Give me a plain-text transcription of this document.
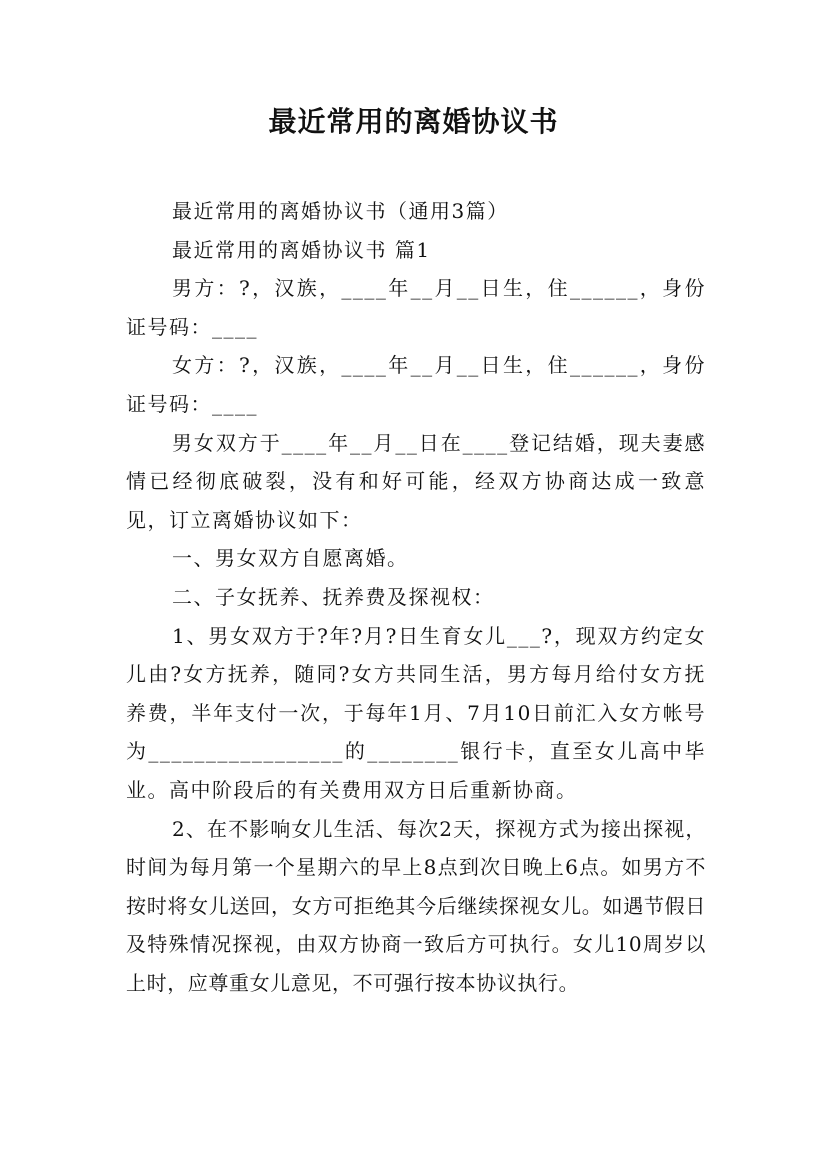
最近常用的离婚协议书

最近常用的离婚协议书（通用3篇）

最近常用的离婚协议书 篇1

男方：?，汉族，____年__月__日生，住______，身份证号码：____

女方：?，汉族，____年__月__日生，住______，身份证号码：____

男女双方于____年__月__日在____登记结婚，现夫妻感情已经彻底破裂，没有和好可能，经双方协商达成一致意见，订立离婚协议如下：

一、男女双方自愿离婚。

二、子女抚养、抚养费及探视权：

1、男女双方于?年?月?日生育女儿___?，现双方约定女儿由?女方抚养，随同?女方共同生活，男方每月给付女方抚养费，半年支付一次，于每年1月、7月10日前汇入女方帐号为_________________的________银行卡，直至女儿高中毕业。高中阶段后的有关费用双方日后重新协商。

2、在不影响女儿生活、每次2天，探视方式为接出探视，时间为每月第一个星期六的早上8点到次日晚上6点。如男方不按时将女儿送回，女方可拒绝其今后继续探视女儿。如遇节假日及特殊情况探视，由双方协商一致后方可执行。女儿10周岁以上时，应尊重女儿意见，不可强行按本协议执行。
